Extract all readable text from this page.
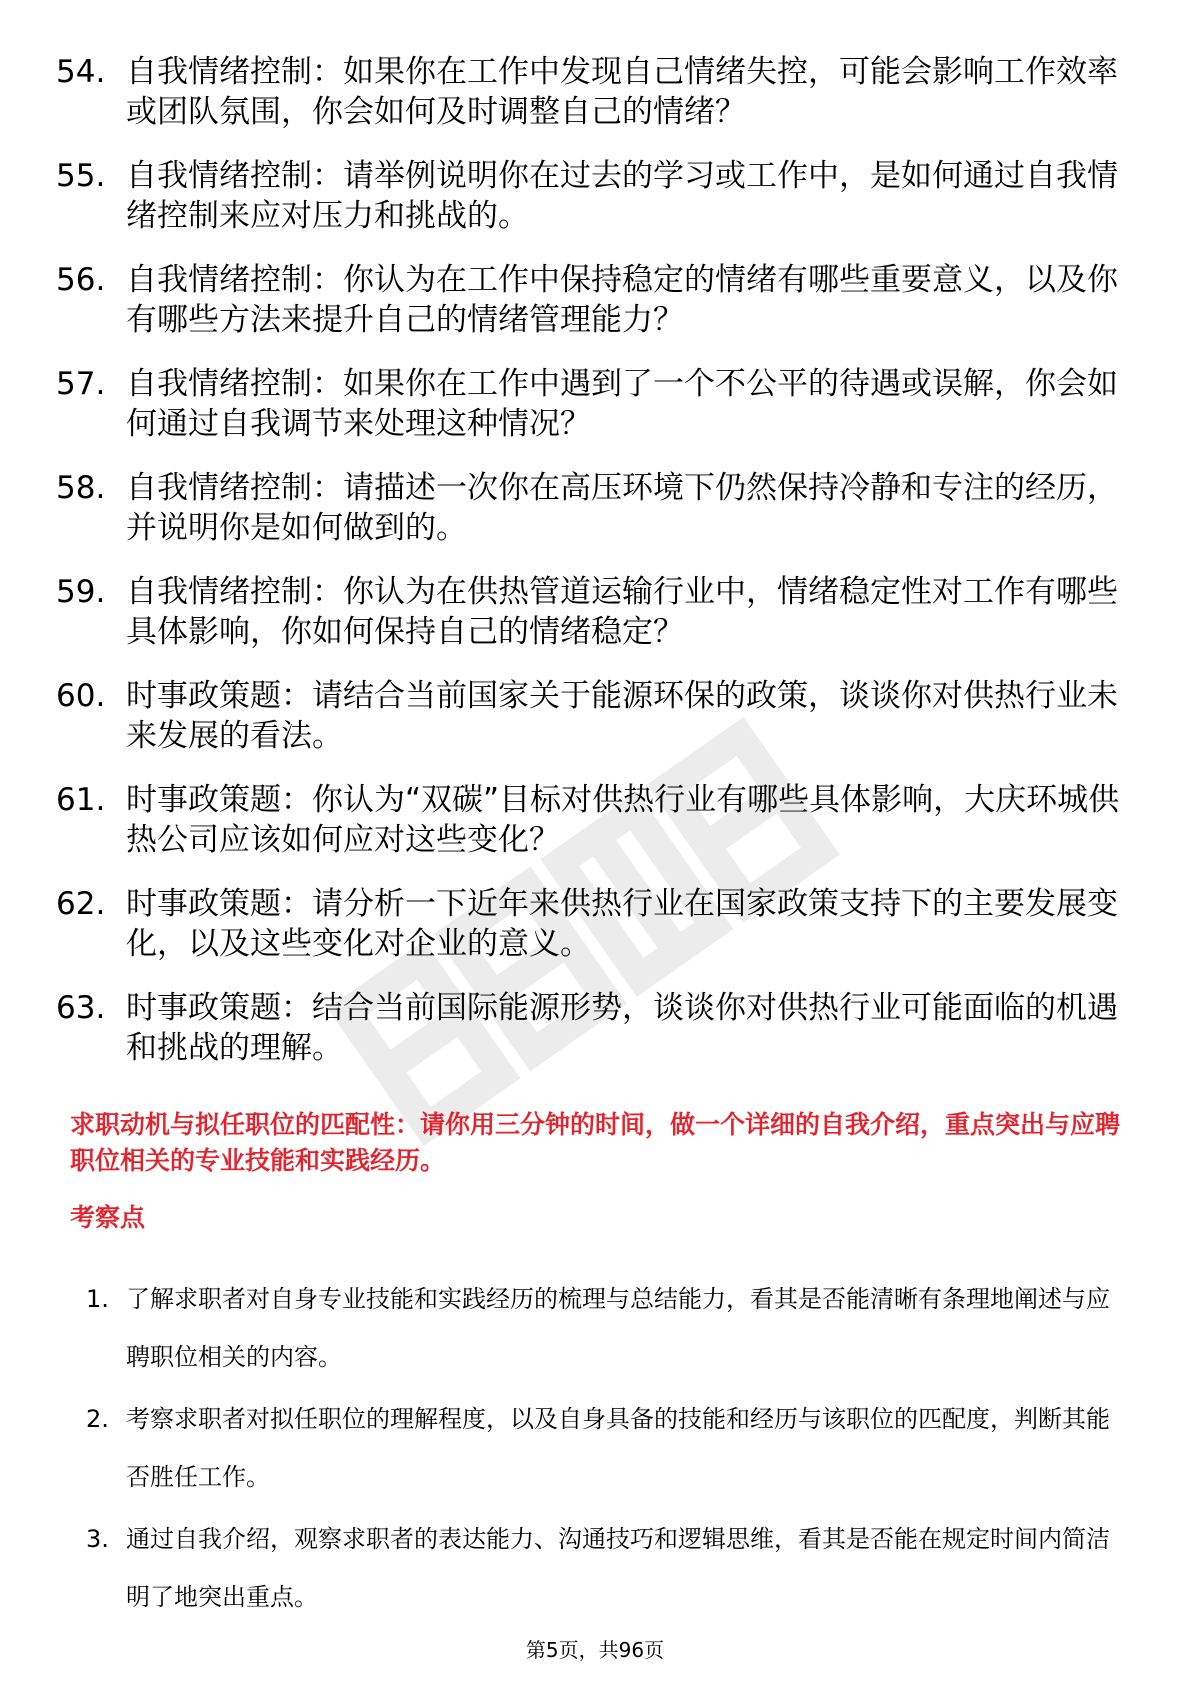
54. 自我情绪控制：如果你在工作中发现自己情绪失控，可能会影响工作效率或团队氛围，你会如何及时调整自己的情绪？
55. 自我情绪控制：请举例说明你在过去的学习或工作中，是如何通过自我情绪控制来应对压力和挑战的。
56. 自我情绪控制：你认为在工作中保持稳定的情绪有哪些重要意义，以及你有哪些方法来提升自己的情绪管理能力？
57. 自我情绪控制：如果你在工作中遇到了一个不公平的待遇或误解，你会如何通过自我调节来处理这种情况？
58. 自我情绪控制：请描述一次你在高压环境下仍然保持冷静和专注的经历，并说明你是如何做到的。
59. 自我情绪控制：你认为在供热管道运输行业中，情绪稳定性对工作有哪些具体影响，你如何保持自己的情绪稳定？
60. 时事政策题：请结合当前国家关于能源环保的政策，谈谈你对供热行业未来发展的看法。
61. 时事政策题：你认为“双碳”目标对供热行业有哪些具体影响，大庆环城供热公司应该如何应对这些变化？
62. 时事政策题：请分析一下近年来供热行业在国家政策支持下的主要发展变化，以及这些变化对企业的意义。
63. 时事政策题：结合当前国际能源形势，谈谈你对供热行业可能面临的机遇和挑战的理解。
求职动机与拟任职位的匹配性：请你用三分钟的时间，做一个详细的自我介绍，重点突出与应聘职位相关的专业技能和实践经历。
考察点
1. 了解求职者对自身专业技能和实践经历的梳理与总结能力，看其是否能清晰有条理地阐述与应聘职位相关的内容。
2. 考察求职者对拟任职位的理解程度，以及自身具备的技能和经历与该职位的匹配度，判断其能否胜任工作。
3. 通过自我介绍，观察求职者的表达能力、沟通技巧和逻辑思维，看其是否能在规定时间内简洁明了地突出重点。
第5页，共96页
